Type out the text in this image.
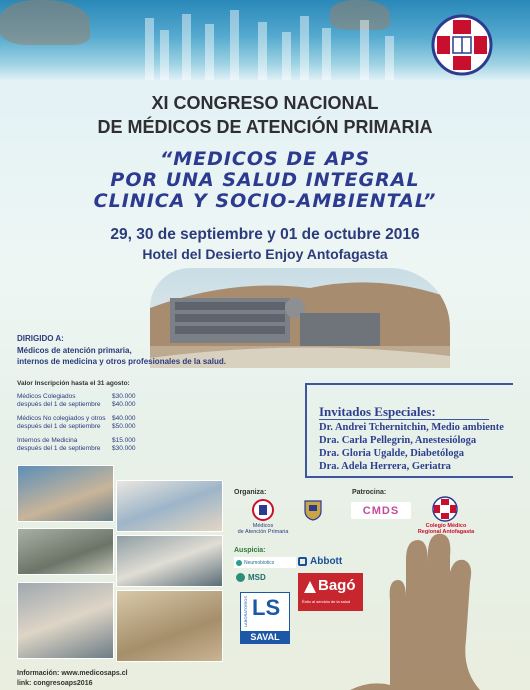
XI CONGRESO NACIONAL
DE MÉDICOS DE ATENCIÓN PRIMARIA
“MEDICOS DE APS
POR UNA SALUD INTEGRAL
CLINICA Y SOCIO-AMBIENTAL”
29, 30 de septiembre y 01 de octubre 2016
Hotel del Desierto Enjoy Antofagasta
DIRIGIDO A:
Médicos de atención primaria,
internos de medicina y otros profesionales de la salud.
Valor Inscripción hasta el 31 agosto:
Médicos Colegiados	$30.000
después del 1 de septiembre $40.000
Médicos No colegiados y otros $40.000
después del 1 de septiembre $50.000
Internos de Medicina	$15.000
después del 1 de septiembre $30.000
Invitados Especiales:
Dr. Andrei Tchernitchin, Medio ambiente
Dra. Carla Pellegrin, Anestesióloga
Dra. Gloria Ugalde, Diabetóloga
Dra. Adela Herrera, Geriatra
Organiza:	Patrocina:
Médicos
de Atención Primaria
CMDS
Colegio Médico
Regional Antofagasta
Auspicia:
Neumobiotics	Abbott
MSD	Bagó
Éxito al servicio de la salud
LABORATORIOS LS
SAVAL
Información: www.medicosaps.cl
link: congresoaps2016
